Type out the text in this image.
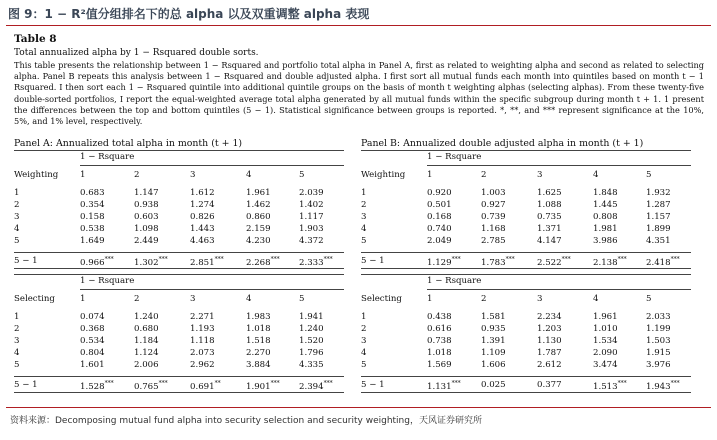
图 9：1 − R²值分组排名下的总 alpha 以及双重调整 alpha 表现
Table 8
Total annualized alpha by 1 − Rsquared double sorts.

This table presents the relationship between 1 − Rsquared and portfolio total alpha in Panel A, first as related to weighting alpha and second as related to selecting alpha. Panel B repeats this analysis between 1 − Rsquared and double adjusted alpha. I first sort all mutual funds each month into quintiles based on month t − 1 Rsquared. I then sort each 1 − Rsquared quintile into additional quintile groups on the basis of month t weighting alphas (selecting alphas). From these twenty-five double-sorted portfolios, I report the equal-weighted average total alpha generated by all mutual funds within the specific subgroup during month t + 1. 1 present the differences between the top and bottom quintiles (5 − 1). Statistical significance between groups is reported. *, **, and *** represent significance at the 10%, 5%, and 1% level, respectively.

Panel A: Annualized total alpha in month (t + 1)	Panel B: Annualized double adjusted alpha in month (t + 1)
1 − Rsquare
Weighting	1	2	3	4	5

1	0.683	1.147	1.612	1.961	2.039
2	0.354	0.938	1.274	1.462	1.402
3	0.158	0.603	0.826	0.860	1.117
4	0.538	1.098	1.443	2.159	1.903
5	1.649	2.449	4.463	4.230	4.372
5 − 1	0.966***	1.302***	2.851***	2.268***	2.333***
1 − Rsquare
Selecting	1	2	3	4	5

1	0.074	1.240	2.271	1.983	1.941
2	0.368	0.680	1.193	1.018	1.240
3	0.534	1.184	1.118	1.518	1.520
4	0.804	1.124	2.073	2.270	1.796
5	1.601	2.006	2.962	3.884	4.335
5 − 1	1.528***	0.765***	0.691**	1.901***	2.394***
1 − Rsquare
Weighting	1	2	3	4	5

1	0.920	1.003	1.625	1.848	1.932
2	0.501	0.927	1.088	1.445	1.287
3	0.168	0.739	0.735	0.808	1.157
4	0.740	1.168	1.371	1.981	1.899
5	2.049	2.785	4.147	3.986	4.351
5 − 1	1.129***	1.783***	2.522***	2.138***	2.418***
1 − Rsquare
Selecting	1	2	3	4	5

1	0.438	1.581	2.234	1.961	2.033
2	0.616	0.935	1.203	1.010	1.199
3	0.738	1.391	1.130	1.534	1.503
4	1.018	1.109	1.787	2.090	1.915
5	1.569	1.606	2.612	3.474	3.976
5 − 1	1.131***	0.025	0.377	1.513***	1.943***
资料来源：Decomposing mutual fund alpha into security selection and security weighting，天风证券研究所
